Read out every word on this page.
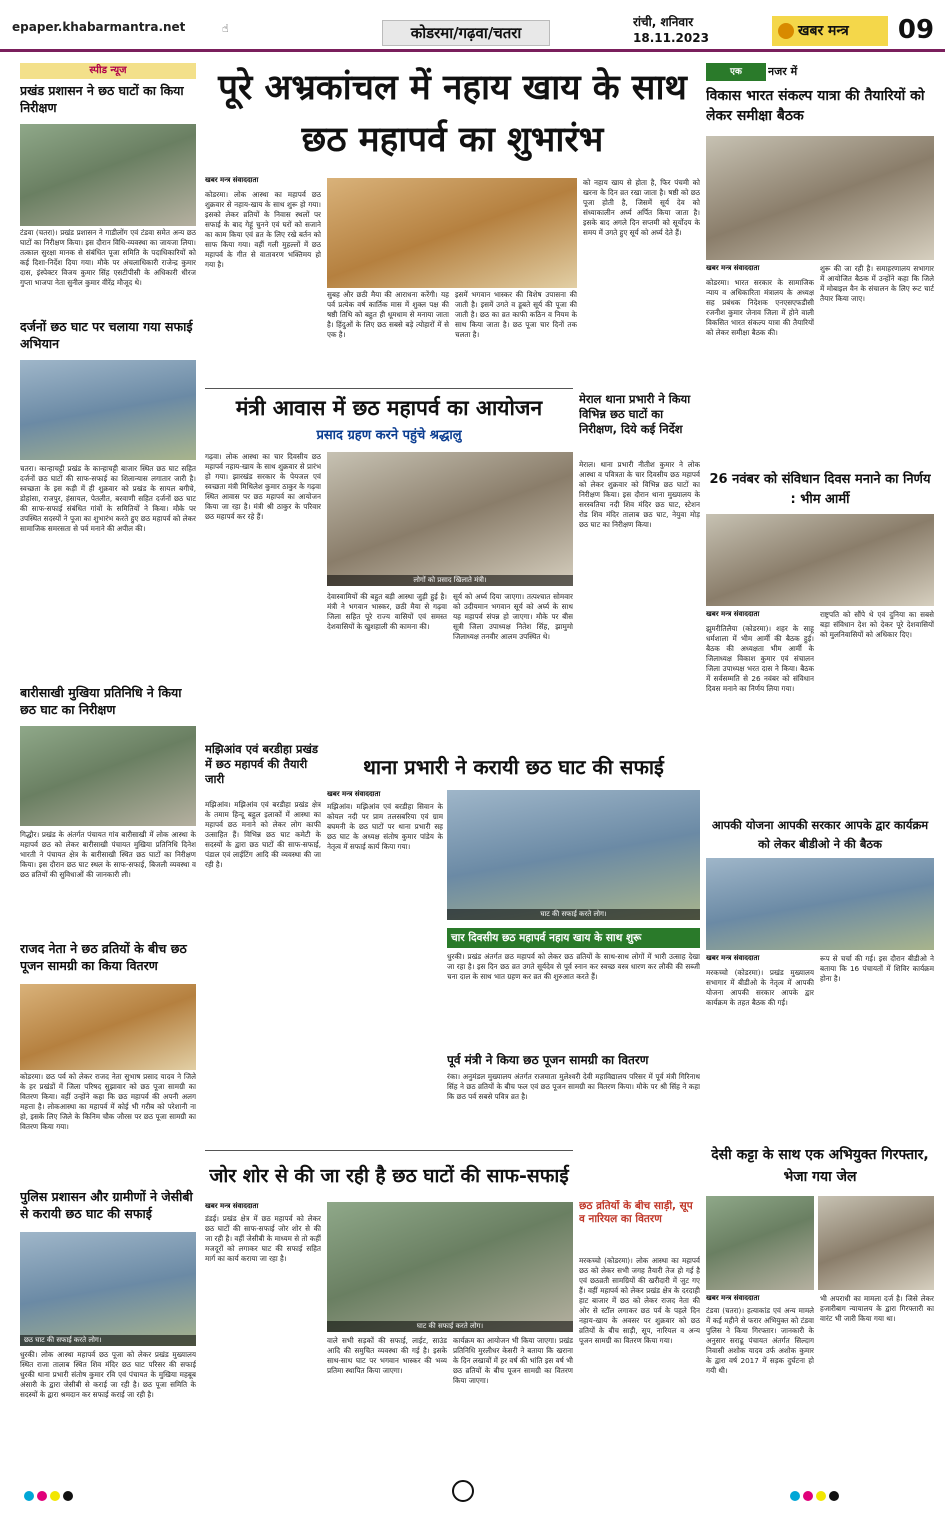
epaper.khabarmantra.net	☝	कोडरमा/गढ़वा/चतरा
रांची, शनिवार
18.11.2023	खबर मन्त्र	09
स्पीड न्यूज
प्रखंड प्रशासन ने छठ घाटों का किया निरीक्षण
टंडवा (चतरा)। प्रखंड प्रशासन ने गाडीलोंग एवं टंडवा समेत अन्य छठ घाटों का निरीक्षण किया। इस दौरान विधि-व्यवस्था का जायजा लिया। तत्काल सुरक्षा मानक से संबंधित पूजा समिति के पदाधिकारियों को कई दिशा-निर्देश दिया गया। मौके पर अंचलाधिकारी राजेन्द्र कुमार दास, इंस्पेक्टर विजय कुमार सिंह एसटीपीसी के अधिकारी धीरज गुप्ता भाजपा नेता सुनील कुमार वीरेंद्र मौजूद थे।
दर्जनों छठ घाट पर चलाया गया सफाई अभियान
चतरा। कान्हाचट्टी प्रखंड के कान्हाचट्टी बाजार स्थित छठ घाट सहित दर्जनों छठ घाटों की साफ-सफाई का शिलान्यास लगातार जारी है। स्वच्छता के इस कड़ी में ही शुक्रवार को प्रखंड के सायल बगीचे, डोहांसा, राजपुर, हंसायल, पेतलीत, बरवाणी सहित दर्जनों छठ घाट की साफ-सफाई संबंधित गांवों के समितियों ने किया। मौके पर उपस्थित सदस्यों ने पूजा का शुभारंभ करते हुए छठ महापर्व को लेकर सामाजिक समरसता से पर्व मनाने की अपील की।
बारीसाखी मुखिया प्रतिनिधि ने किया छठ घाट का निरीक्षण
गिद्धौर। प्रखंड के अंतर्गत पंचायत गांव बारीसाखी में लोक आस्था के महापर्व छठ को लेकर बारीसाखी पंचायत मुखिया प्रतिनिधि दिनेश भारती ने पंचायत क्षेत्र के बारीसाखी स्थित छठ घाटों का निरीक्षण किया। इस दौरान छठ घाट स्थल के साफ-सफाई, बिजली व्यवस्था व छठ व्रतियों की सुविधाओं की जानकारी ली।
राजद नेता ने छठ व्रतियों के बीच छठ पूजन सामग्री का किया वितरण
कोडरमा। छठ पर्व को लेकर राजद नेता सुभाष प्रसाद यादव ने जिले के हर प्रखंडों में जिला परिषद सुझावार को छठ पूजा सामग्री का वितरण किया। वहीं उन्होंने कहा कि छठ महापर्व की अपनी अलग महत्ता है। लोकआस्था का महापर्व में कोई भी गरीब को परेशानी ना हो, इसके लिए जिले के किनिम चौक जौरस पर छठ पूजा सामग्री का वितरण किया गया।
पुलिस प्रशासन और ग्रामीणों ने जेसीबी से करायी छठ घाट की सफाई
छठ घाट की सफाई करते लोग।
धुरकी। लोक आस्था महापर्व छठ पूजा को लेकर प्रखंड मुख्यालय स्थित राजा तालाब स्थित शिव मंदिर छठ घाट परिसर की सफाई धुरकी थाना प्रभारी संतोष कुमार रवि एवं पंचायत के मुखिया महबूब अंसारी के द्वारा जेसीबी से कराई जा रही है। छठ पूजा समिति के सदस्यों के द्वारा श्रमदान कर सफाई कराई जा रही है।
पूरे अभ्रकांचल में नहाय खाय के साथ छठ महापर्व का शुभारंभ
खबर मन्त्र संवाददाता
कोडरमा। लोक आस्था का महापर्व छठ शुक्रवार से नहाय-खाय के साथ शुरू हो गया। इसको लेकर व्रतियों के निवास स्थलों पर सफाई के बाद गेहूं चुनने एवं घरों को सजाने का काम किया एवं व्रत के लिए रखे बर्तन को साफ किया गया। वहीं गली मुहल्लों में छठ महापर्व के गीत से वातावरण भक्तिमय हो गया है।
सुबह और छठी मैया की आराधना करेंगी। यह पर्व प्रत्येक वर्ष कार्तिक मास में शुक्ल पक्ष की षष्ठी तिथि को बहुत ही धूमधाम से मनाया जाता है। हिंदुओं के लिए छठ सबसे बड़े त्योहारों में से एक है।
इसमें भगवान भास्कर की विशेष उपासना की जाती है। इसमें उगते व डूबते सूर्य की पूजा की जाती है। छठ का व्रत काफी कठिन व नियम के साथ किया जाता है। छठ पूजा चार दिनों तक चलता है।
को नहाय खाय से होता है, फिर पंचमी को खरना के दिन व्रत रखा जाता है। षष्ठी को छठ पूजा होती है, जिसमें सूर्य देव को संध्याकालीन अर्घ्य अर्पित किया जाता है। इसके बाद अगले दिन सप्तमी को सूर्योदय के समय में उगते हुए सूर्य को अर्घ्य देते हैं।
मंत्री आवास में छठ महापर्व का आयोजन
प्रसाद ग्रहण करने पहुंचे श्रद्धालु
गढ़वा। लोक आस्था का चार दिवसीय छठ महापर्व नहाय-खाय के साथ शुक्रवार से प्रारंभ हो गया। झारखंड सरकार के पेयजल एवं स्वच्छता मंत्री मिथिलेश कुमार ठाकुर के गढ़वा स्थित आवास पर छठ महापर्व का आयोजन किया जा रहा है। मंत्री श्री ठाकुर के परिवार छठ महापर्व कर रहे हैं।
लोगों को प्रसाद खिलाते मंत्री।
देवास्वामियों की बहुत बड़ी आस्था जुड़ी हुई है। मंत्री ने भगवान भास्कर, छठी मैया से गढ़वा जिला सहित पूरे राज्य वासियों एवं समस्त देशवासियों के खुशहाली की कामना की।
सूर्य को अर्घ्य दिया जाएगा। तत्पश्चात सोमवार को उदीयमान भगवान सूर्य को अर्घ्य के साथ यह महापर्व संपन्न हो जाएगा। मौके पर बीस सूत्री जिला उपाध्यक्ष नितेश सिंह, झामुमो जिलाध्यक्ष तनवीर आलम उपस्थित थे।
मेराल थाना प्रभारी ने किया विभिन्न छठ घाटों का निरीक्षण, दिये कई निर्देश
मेराल। थाना प्रभारी नीतीश कुमार ने लोक आस्था व पवित्रता के चार दिवसीय छठ महापर्व को लेकर शुक्रवार को विभिन्न छठ घाटों का निरीक्षण किया। इस दौरान थाना मुख्यालय के सरस्वतिया नदी शिव मंदिर छठ घाट, स्टेशन रोड शिव मंदिर तालाब छठ घाट, नेयुवा मोड़ छठ घाट का निरीक्षण किया।
मझिआंव एवं बरडीहा प्रखंड में छठ महापर्व की तैयारी जारी
मझिआंव। मझिआंव एवं बरडीहा प्रखंड क्षेत्र के तमाम हिन्दू बहुल इलाकों में आस्था का महापर्व छठ मनाने को लेकर लोग काफी उत्साहित हैं। विभिन्न छठ घाट कमेटी के सदस्यों के द्वारा छठ घाटों की साफ-सफाई, पंडाल एवं लाईटिंग आदि की व्यवस्था की जा रही है।
थाना प्रभारी ने करायी छठ घाट की सफाई
खबर मन्त्र संवाददाता
मझिआंव। मझिआंव एवं बरडीहा सिवान के कोयल नदी पर प्राम तलसबरिया एवं ग्राम बघमनी के छठ घाटों पर थाना प्रभारी सह छठ घाट के अध्यक्ष संतोष कुमार पांडेय के नेतृत्व में सफाई कार्य किया गया।
घाट की सफाई करते लोग।
चार दिवसीय छठ महापर्व नहाय खाय के साथ शुरू
धुरकी। प्रखंड अंतर्गत छठ महापर्व को लेकर छठ व्रतियों के साथ-साथ लोगों में भारी उत्साह देखा जा रहा है। इस दिन छठ व्रत उगते सूर्यदेव से पूर्व स्नान कर स्वच्छ वस्त्र धारण कर लौकी की सब्जी चना दाल के साथ भात ग्रहण कर व्रत की शुरुआत करते हैं।
पूर्व मंत्री ने किया छठ पूजन सामग्री का वितरण
रंका। अनुमंडल मुख्यालय अंतर्गत राजमाता मुलेश्वरी देवी महाविद्यालय परिसर में पूर्व मंत्री गिरिनाथ सिंह ने छठ व्रतियों के बीच फल एवं छठ पूजन सामग्री का वितरण किया। मौके पर श्री सिंह ने कहा कि छठ पर्व सबसे पवित्र व्रत है।
जोर शोर से की जा रही है छठ घाटों की साफ-सफाई
खबर मन्त्र संवाददाता
डंडई। प्रखंड क्षेत्र में छठ महापर्व को लेकर छठ घाटों की साफ-सफाई जोर शोर से की जा रही है। वहीं जेसीबी के माध्यम से तो कहीं मजदूरों को लगाकर घाट की सफाई सहित मार्ग का कार्य कराया जा रहा है।
घाट की सफाई करते लोग।
वाले सभी सड़कों की सफाई, लाईट, साउंड आदि की समुचित व्यवस्था की गई है। इसके साथ-साथ घाट पर भगवान भास्कर की भव्य प्रतिमा स्थापित किया जाएगा।
कार्यक्रम का आयोजन भी किया जाएगा। प्रखंड प्रतिनिधि मुरलीधर केसरी ने बताया कि खराना के दिन लखावों में हर वर्ष की भांति इस वर्ष भी छठ व्रतियों के बीच पूजन सामग्री का वितरण किया जाएगा।
छठ व्रतियों के बीच साड़ी, सूप व नारियल का वितरण
मरकच्चो (कोडरमा)। लोक आस्था का महापर्व छठ को लेकर सभी जगह तैयारी तेज हो गई है एवं छठव्रती सामग्रियों की खरीदारी में जुट गए हैं। वहीं महापर्व को लेकर प्रखंड क्षेत्र के दरदाही हाट बाजार में छठ को लेकर राजद नेता की ओर से स्टॉल लगाकर छठ पर्व के पहले दिन नहाय-खाय के अवसर पर शुक्रवार को छठ व्रतियों के बीच साड़ी, सूप, नारियल व अन्य पूजन सामग्री का वितरण किया गया।
एक	नजर में
विकास भारत संकल्प यात्रा की तैयारियों को लेकर समीक्षा बैठक
खबर मन्त्र संवाददाता
कोडरमा। भारत सरकार के सामाजिक न्याय व अधिकारिता मंत्रालय के अध्यक्ष सह प्रबंधक निदेशक एनएसएफडीसी रजनीश कुमार जेनाव जिला में होने वाली विकसित भारत संकल्प यात्रा की तैयारियों को लेकर समीक्षा बैठक की।
शुरू की जा रही है। समाहरणालय सभागार में आयोजित बैठक में उन्होंने कहा कि जिले में मोबाइल वैन के संचालन के लिए रूट चार्ट तैयार किया जाए।
26 नवंबर को संविधान दिवस मनाने का निर्णय : भीम आर्मी
खबर मन्त्र संवाददाता
झुमरीतिलैया (कोडरमा)। शहर के साहू धर्मशाला में भीम आर्मी की बैठक हुई। बैठक की अध्यक्षता भीम आर्मी के जिलाध्यक्ष विकाश कुमार एवं संचालन जिला उपाध्यक्ष भरत दास ने किया। बैठक में सर्वसम्मति से 26 नवंबर को संविधान दिवस मनाने का निर्णय लिया गया।
राष्ट्रपति को सौंपे थे एवं दुनिया का सबसे बड़ा संविधान देश को देकर पूरे देशवासियों को मुलनिवासियों को अधिकार दिए।
आपकी योजना आपकी सरकार आपके द्वार कार्यक्रम को लेकर बीडीओ ने की बैठक
खबर मन्त्र संवाददाता
मरकच्चो (कोडरमा)। प्रखंड मुख्यालय सभागार में बीडीओ के नेतृत्व में आपकी योजना आपकी सरकार आपके द्वार कार्यक्रम के तहत बैठक की गई।
रूप से चर्चा की गई। इस दौरान बीडीओ ने बताया कि 16 पंचायतों में शिविर कार्यक्रम होना है।
देसी कट्टा के साथ एक अभियुक्त गिरफ्तार, भेजा गया जेल
खबर मन्त्र संवाददाता
टंडवा (चतरा)। हत्याकांड एवं अन्य मामले में कई महीने से फरार अभियुक्त को टंडवा पुलिस ने किया गिरफ्तार। जानकारी के अनुसार सराढू पंचायत अंतर्गत सिल्दाग निवासी अशोक यादव उर्फ अशोक कुमार के द्वारा वर्ष 2017 में सड़क दुर्घटना हो गयी थी।
भी अपराधी का मामला दर्ज है। जिसे लेकर हजारीबाग न्यायालय के द्वारा गिरफ्तारी का वारंट भी जारी किया गया था।
